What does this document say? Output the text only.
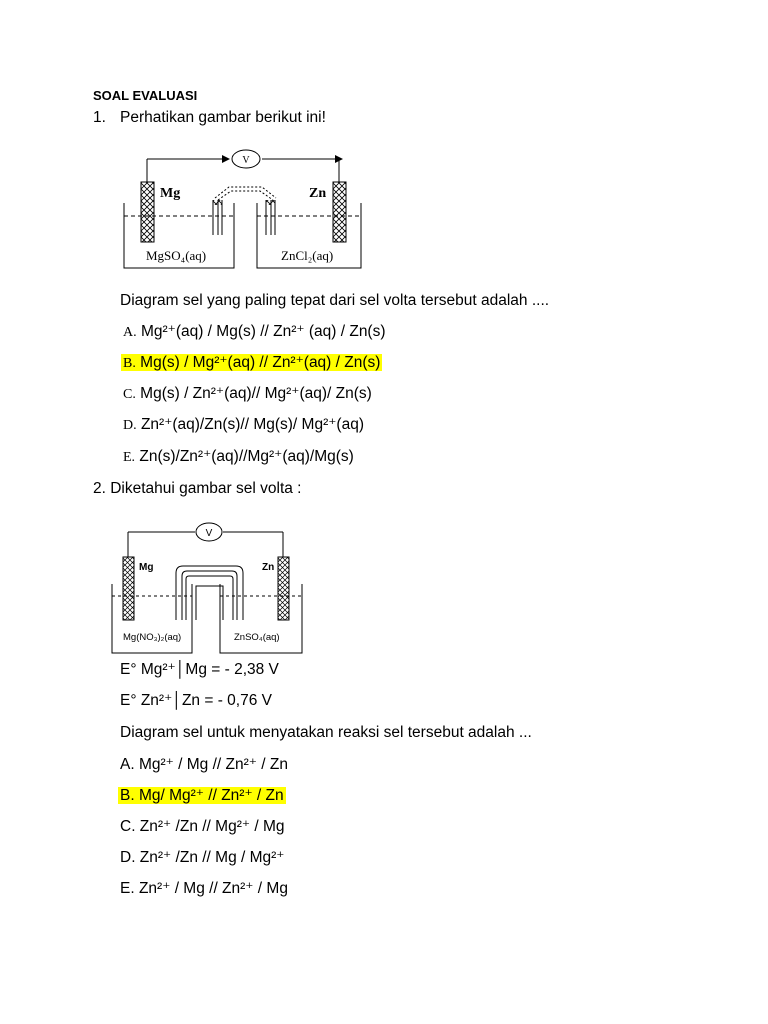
SOAL EVALUASI
1. Perhatikan gambar berikut ini!
V
Mg	Zn
MgSO₄(aq)	ZnCl₂(aq)
Diagram sel yang paling tepat dari sel volta tersebut adalah ....
A. Mg²⁺(aq) / Mg(s) // Zn²⁺ (aq) / Zn(s)
B. Mg(s) / Mg²⁺(aq) // Zn²⁺(aq) / Zn(s)
C. Mg(s) / Zn²⁺(aq)// Mg²⁺(aq)/ Zn(s)
D. Zn²⁺(aq)/Zn(s)// Mg(s)/ Mg²⁺(aq)
E. Zn(s)/Zn²⁺(aq)//Mg²⁺(aq)/Mg(s)
2. Diketahui gambar sel volta :
V
Mg	Zn
Mg(NO₃)₂(aq)	ZnSO₄(aq)
E° Mg²⁺│Mg = - 2,38 V
E° Zn²⁺│Zn = - 0,76 V
Diagram sel untuk menyatakan reaksi sel tersebut adalah ...
A. Mg²⁺ / Mg // Zn²⁺ / Zn
B. Mg/ Mg²⁺ // Zn²⁺ / Zn
C. Zn²⁺ /Zn // Mg²⁺ / Mg
D. Zn²⁺ /Zn // Mg / Mg²⁺
E. Zn²⁺ / Mg // Zn²⁺ / Mg
